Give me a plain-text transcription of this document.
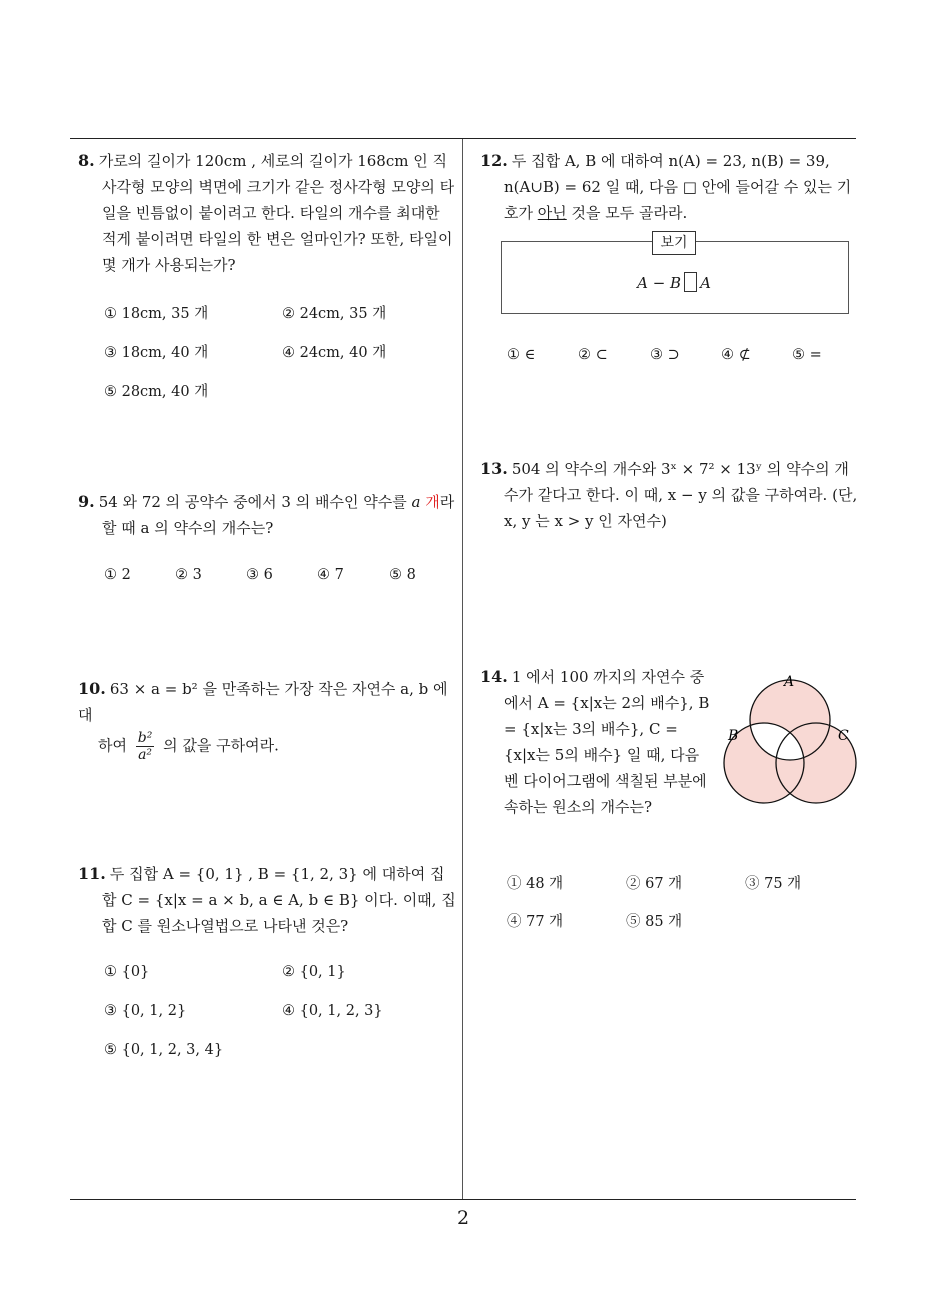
8. 가로의 길이가 120cm , 세로의 길이가 168cm 인 직사각형 모양의 벽면에 크기가 같은 정사각형 모양의 타일을 빈틈없이 붙이려고 한다. 타일의 개수를 최대한 적게 붙이려면 타일의 한 변은 얼마인가? 또한, 타일이 몇 개가 사용되는가?
① 18cm, 35 개	② 24cm, 35 개
③ 18cm, 40 개	④ 24cm, 40 개
⑤ 28cm, 40 개
9. 54 와 72 의 공약수 중에서 3 의 배수인 약수를 a 개라 할 때 a 의 약수의 개수는?
① 2	② 3	③ 6	④ 7	⑤ 8
10. 63 × a = b² 을 만족하는 가장 작은 자연수 a, b 에 대
하여 $\frac{\text{b²}}{\text{a²}}$ 의 값을 구하여라.
11. 두 집합 A = {0, 1} , B = {1, 2, 3} 에 대하여 집합 C = {x|x = a × b, a ∈ A, b ∈ B} 이다. 이때, 집합 C 를 원소나열법으로 나타낸 것은?
① {0}	② {0, 1}
③ {0, 1, 2}	④ {0, 1, 2, 3}
⑤ {0, 1, 2, 3, 4}
12. 두 집합 A, B 에 대하여 n(A) = 23, n(B) = 39, n(A∪B) = 62 일 때, 다음 □ 안에 들어갈 수 있는 기호가 아닌 것을 모두 골라라.
보기
A − B A
① ∈	② ⊂	③ ⊃	④ ⊄	⑤ =
13. 504 의 약수의 개수와 3ˣ × 7² × 13ʸ 의 약수의 개수가 같다고 한다. 이 때, x − y 의 값을 구하여라. (단, x, y 는 x > y 인 자연수)
14. 1 에서 100 까지의 자연수 중에서 A = {x|x는 2의 배수}, B = {x|x는 3의 배수}, C = {x|x는 5의 배수} 일 때, 다음 벤 다이어그램에 색칠된 부분에 속하는 원소의 개수는?
A
B	C
① 48 개	② 67 개	③ 75 개
④ 77 개	⑤ 85 개
2
